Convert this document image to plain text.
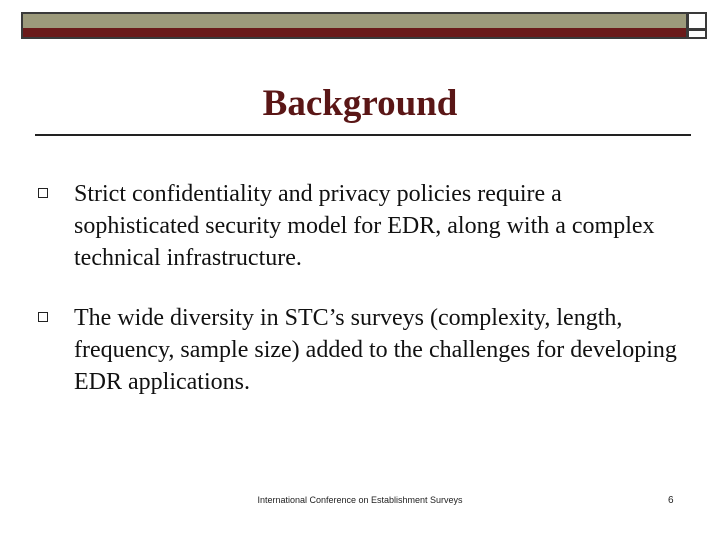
Background
Strict confidentiality and privacy policies require a sophisticated security model for EDR, along with a complex technical infrastructure.
The wide diversity in STC’s surveys (complexity, length, frequency, sample size) added to the challenges for developing EDR applications.
International Conference on Establishment Surveys	6
